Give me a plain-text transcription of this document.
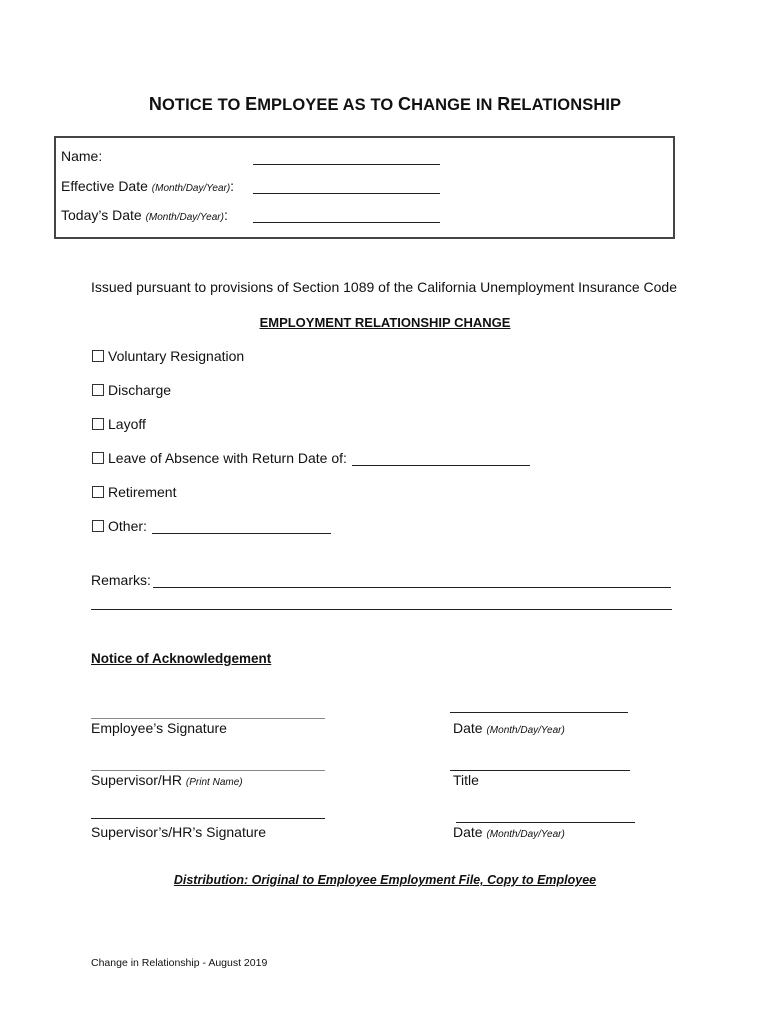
NOTICE TO EMPLOYEE AS TO CHANGE IN RELATIONSHIP
Name:
Effective Date (Month/Day/Year):
Today’s Date (Month/Day/Year):
Issued pursuant to provisions of Section 1089 of the California Unemployment Insurance Code
EMPLOYMENT RELATIONSHIP CHANGE
Voluntary Resignation
Discharge
Layoff
Leave of Absence with Return Date of:
Retirement
Other:
Remarks:
Notice of Acknowledgement
Employee’s Signature	Date (Month/Day/Year)
Supervisor/HR (Print Name)	Title
Supervisor’s/HR’s Signature	Date (Month/Day/Year)
Distribution: Original to Employee Employment File, Copy to Employee
Change in Relationship - August 2019
